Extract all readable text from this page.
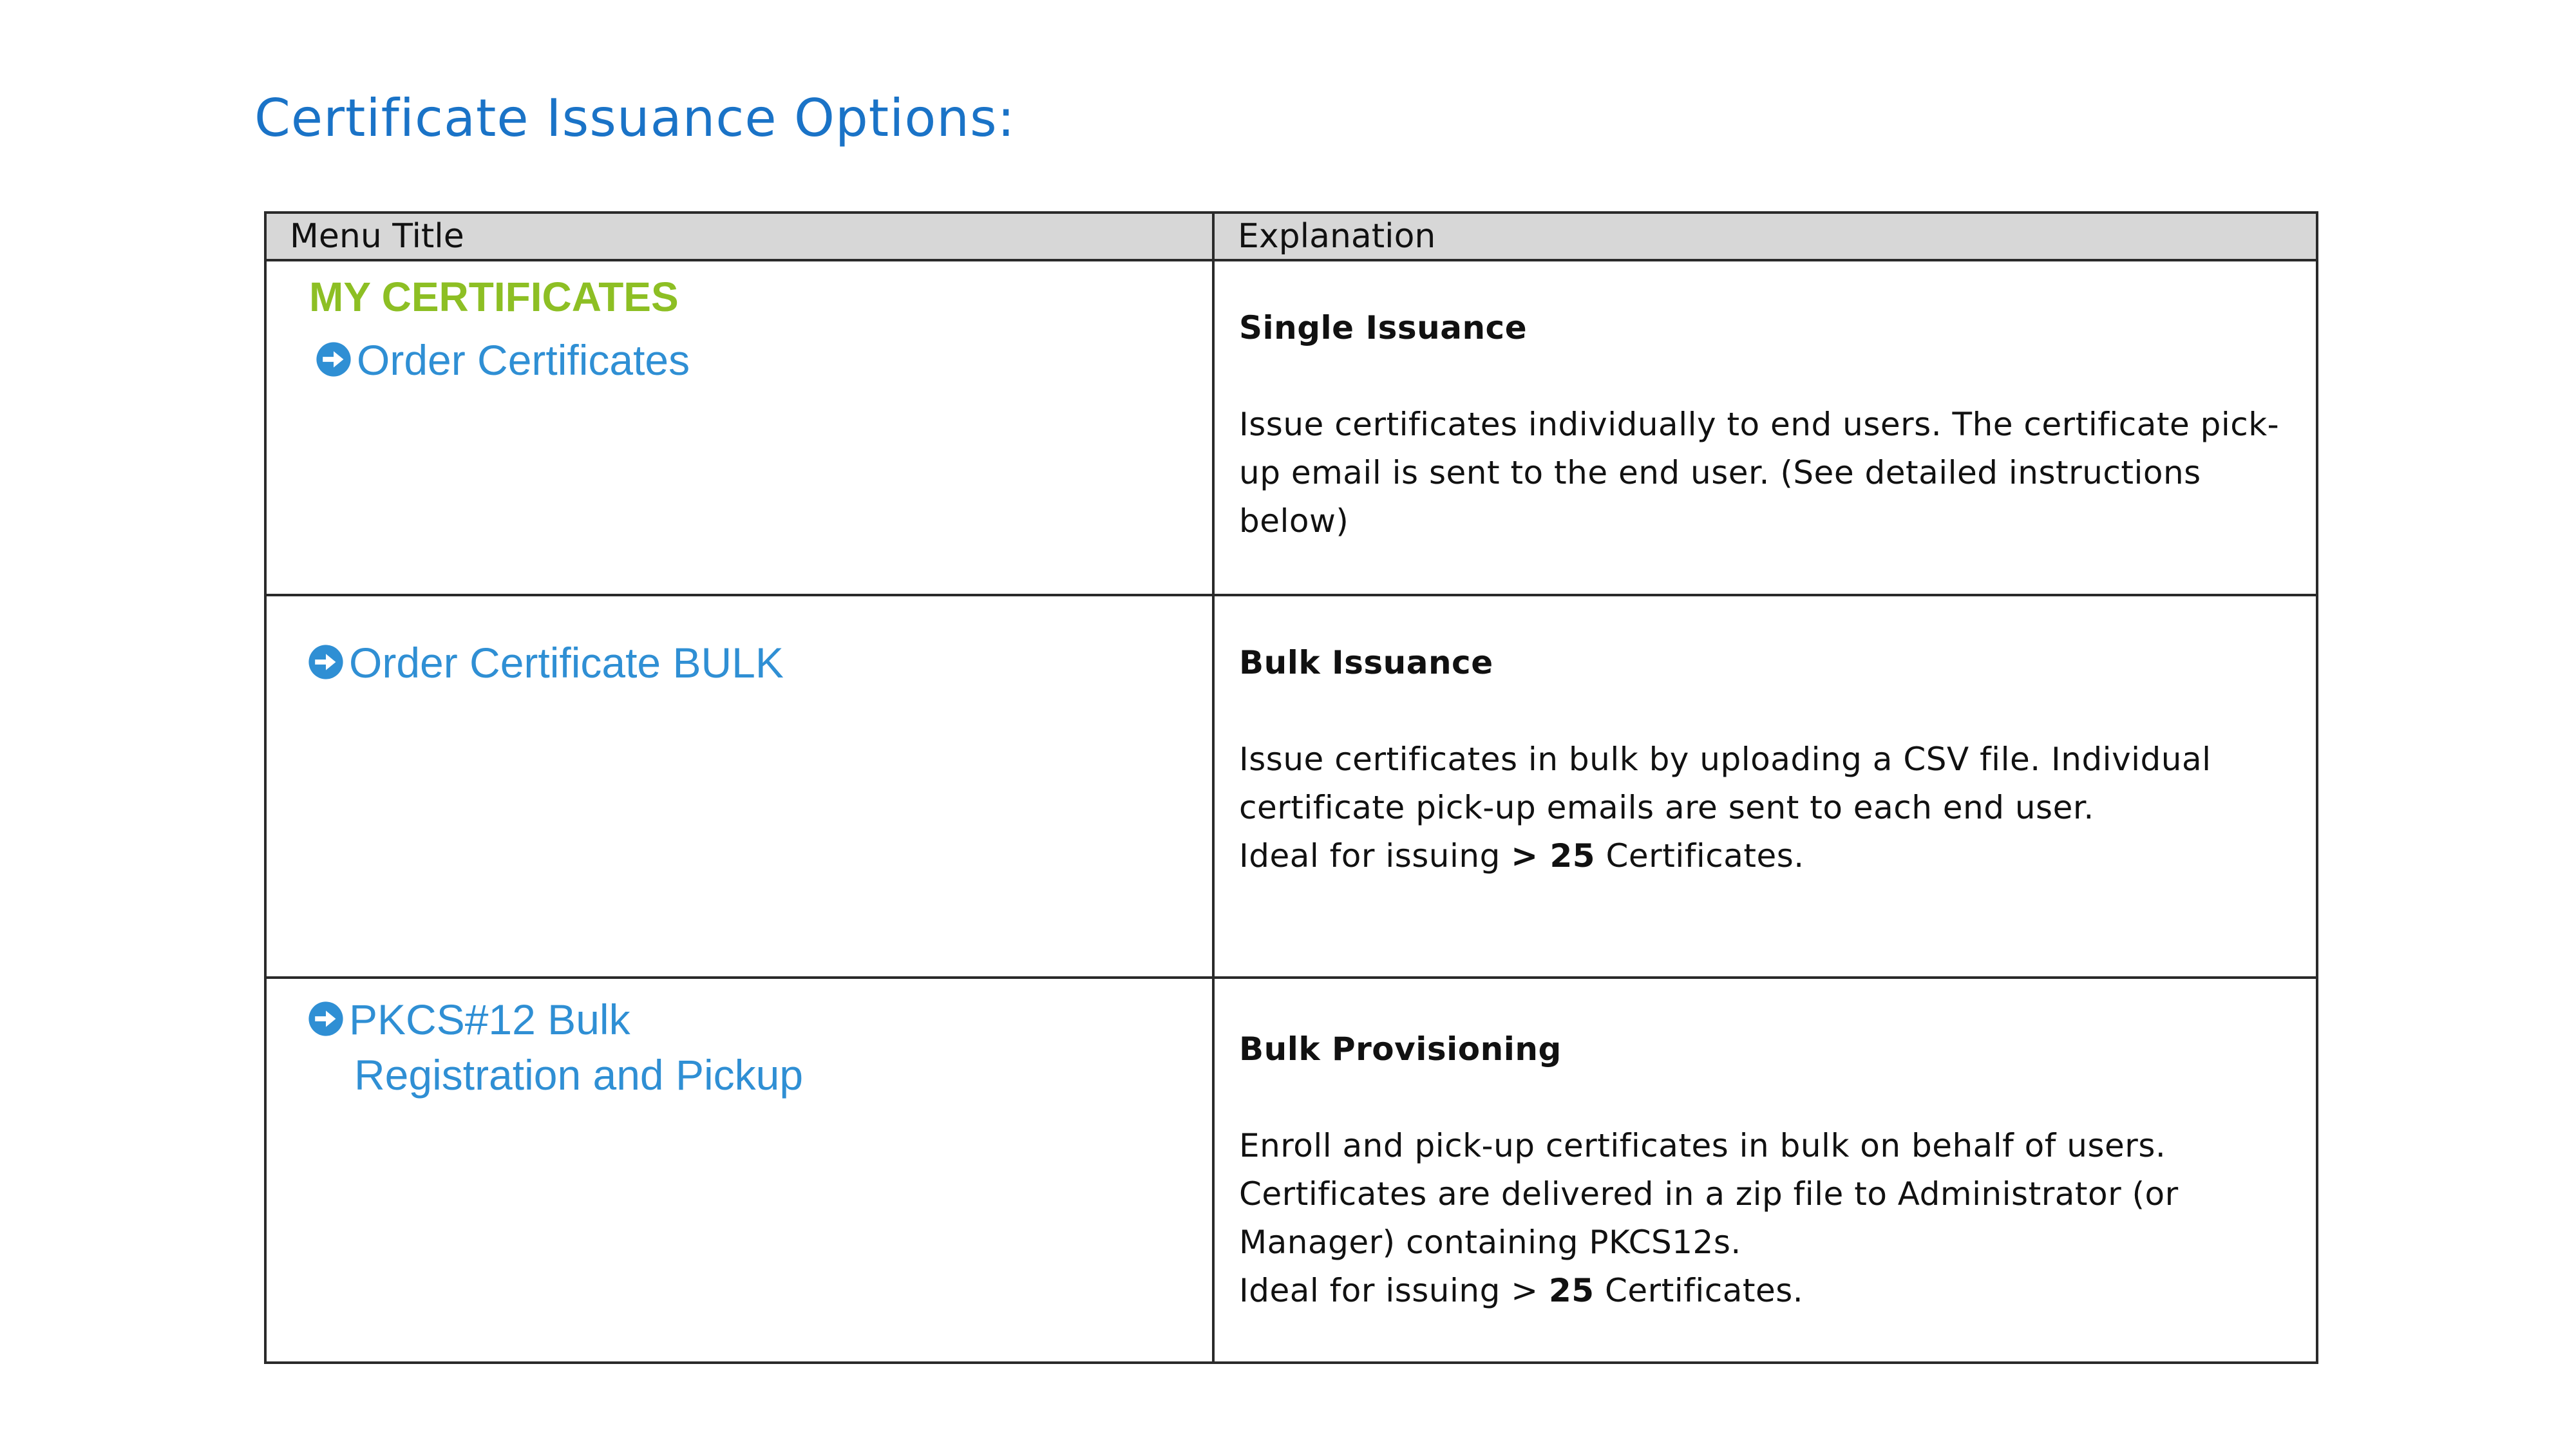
Certificate Issuance Options:
Menu Title	Explanation
MY CERTIFICATES
Order Certificates
Single Issuance

Issue certificates individually to end users. The certificate pick-up email is sent to the end user. (See detailed instructions below)

Order Certificate BULK	Bulk Issuance

Issue certificates in bulk by uploading a CSV file. Individual certificate pick-up emails are sent to each end user.

Ideal for issuing > 25 Certificates.

PKCS#12 Bulk
Registration and Pickup
Bulk Provisioning

Enroll and pick-up certificates in bulk on behalf of users. Certificates are delivered in a zip file to Administrator (or Manager) containing PKCS12s.

Ideal for issuing > 25 Certificates.
